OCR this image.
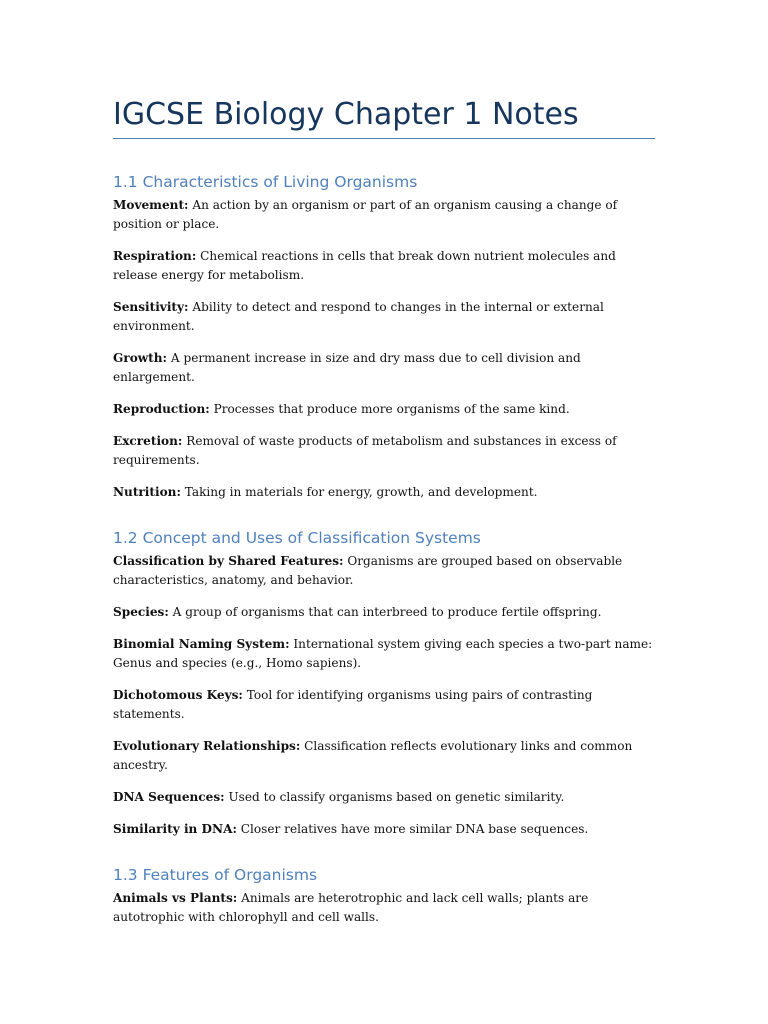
IGCSE Biology Chapter 1 Notes
1.1 Characteristics of Living Organisms

Movement: An action by an organism or part of an organism causing a change of position or place.

Respiration: Chemical reactions in cells that break down nutrient molecules and release energy for metabolism.

Sensitivity: Ability to detect and respond to changes in the internal or external environment.

Growth: A permanent increase in size and dry mass due to cell division and enlargement.

Reproduction: Processes that produce more organisms of the same kind.

Excretion: Removal of waste products of metabolism and substances in excess of requirements.

Nutrition: Taking in materials for energy, growth, and development.

1.2 Concept and Uses of Classification Systems

Classification by Shared Features: Organisms are grouped based on observable characteristics, anatomy, and behavior.

Species: A group of organisms that can interbreed to produce fertile offspring.

Binomial Naming System: International system giving each species a two-part name: Genus and species (e.g., Homo sapiens).

Dichotomous Keys: Tool for identifying organisms using pairs of contrasting statements.

Evolutionary Relationships: Classification reflects evolutionary links and common ancestry.

DNA Sequences: Used to classify organisms based on genetic similarity.

Similarity in DNA: Closer relatives have more similar DNA base sequences.

1.3 Features of Organisms

Animals vs Plants: Animals are heterotrophic and lack cell walls; plants are autotrophic with chlorophyll and cell walls.
